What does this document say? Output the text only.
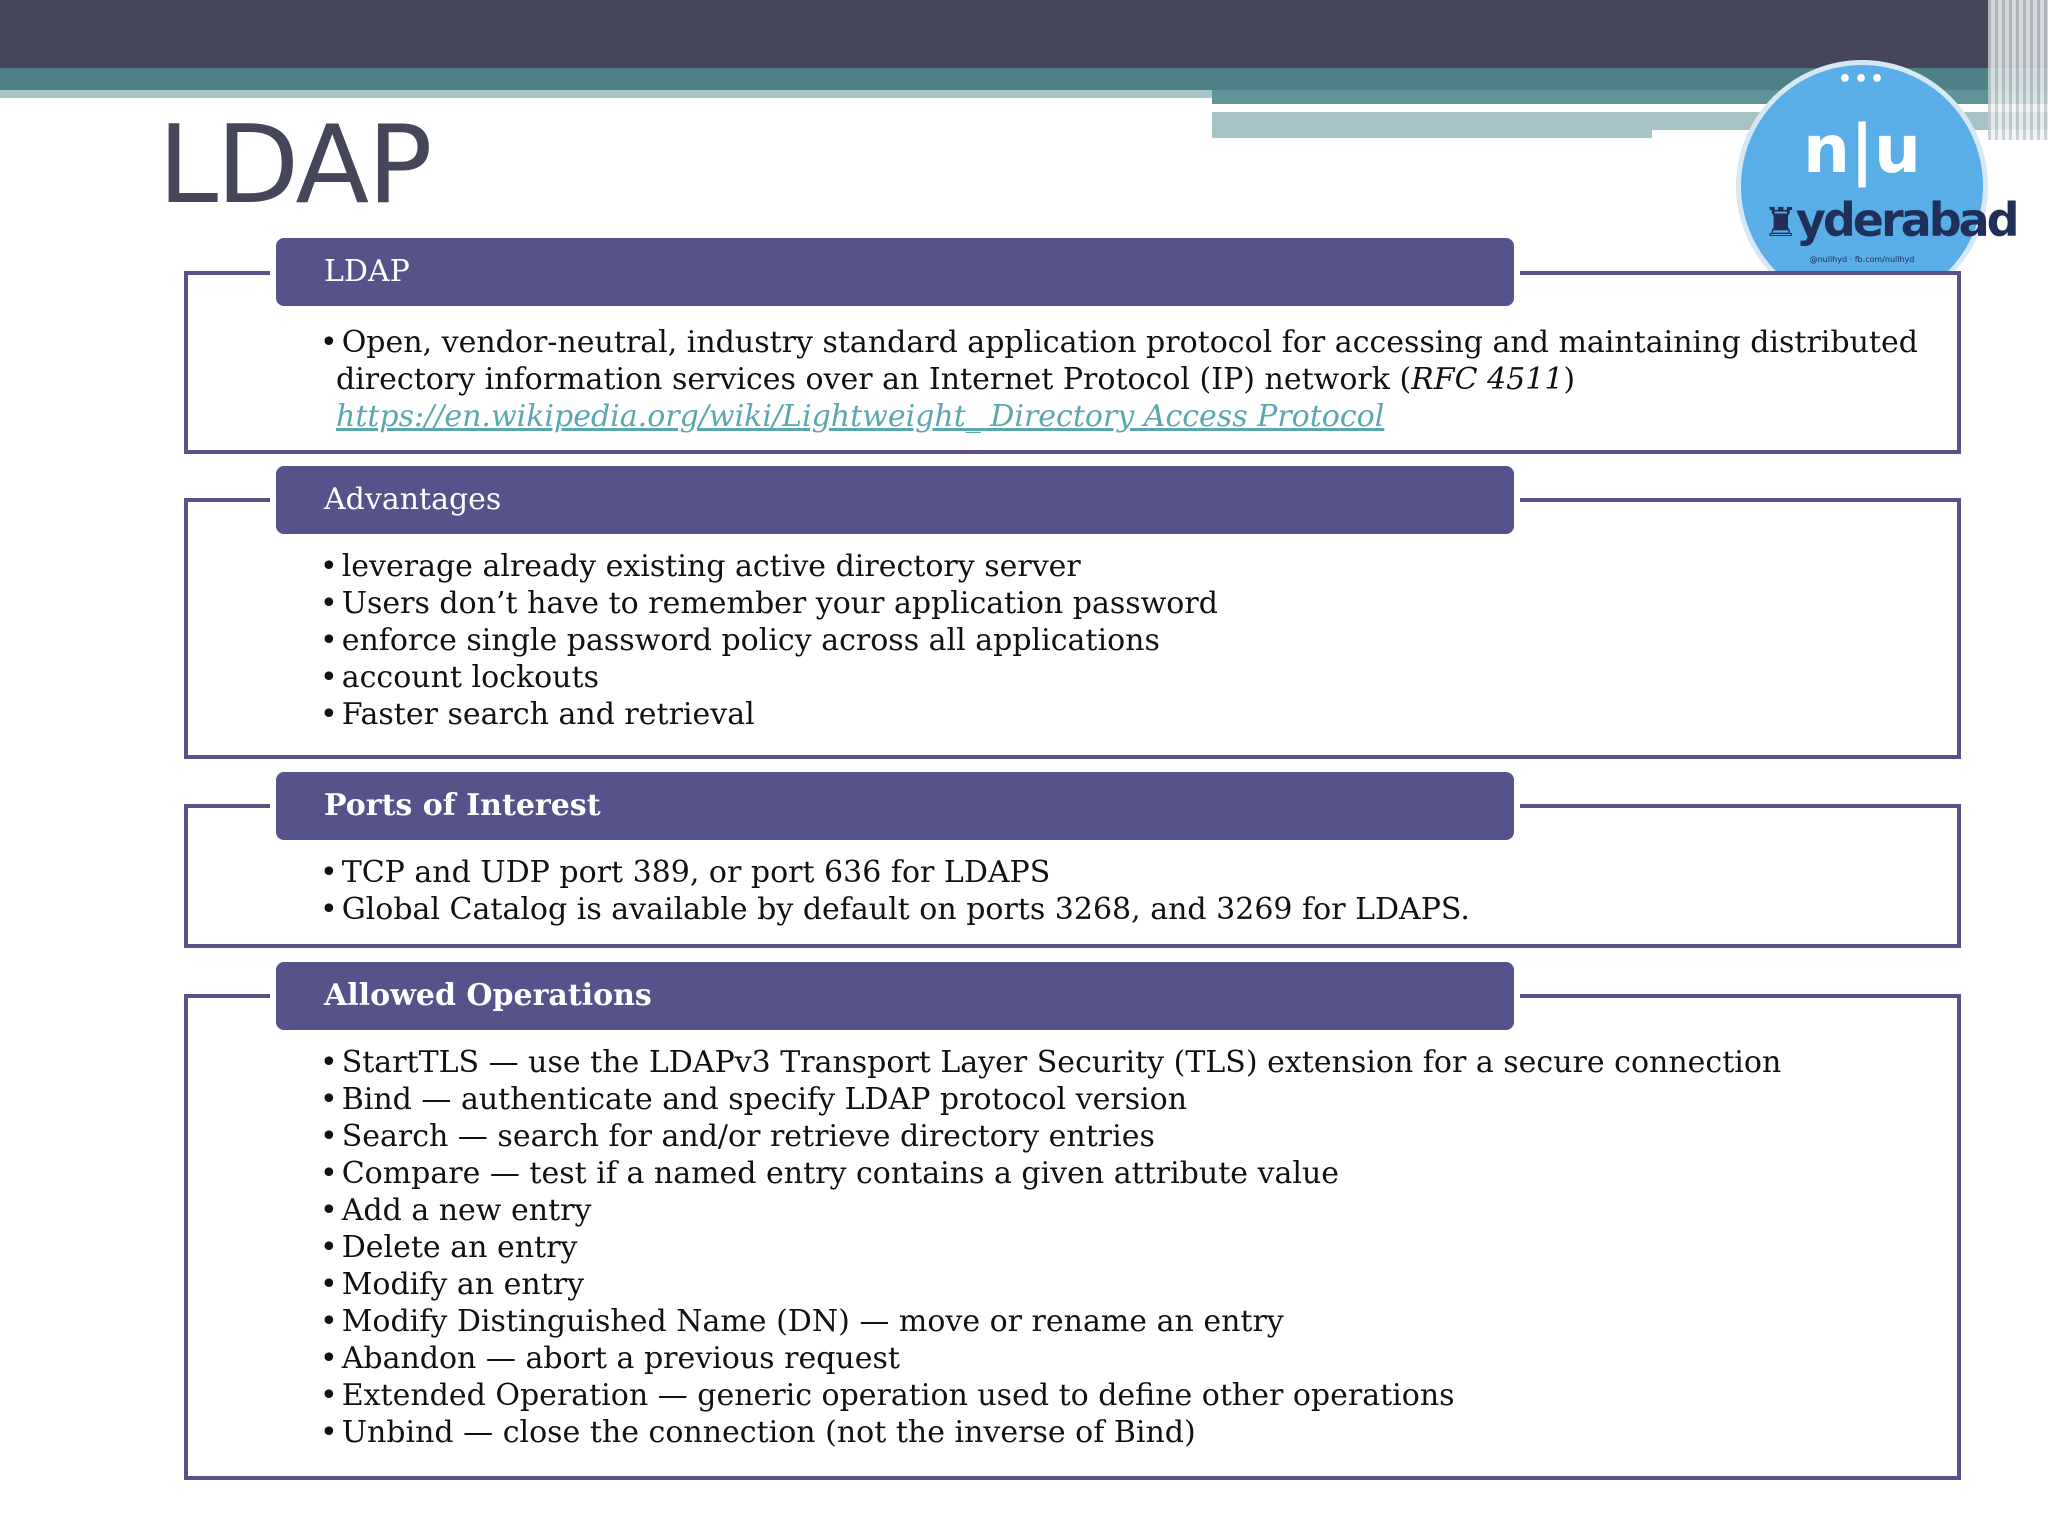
LDAP
•••
n|u
♜yderabad
@nullhyd · fb.com/nullhyd
LDAP
• Open, vendor-neutral, industry standard application protocol for accessing and maintaining distributed
directory information services over an Internet Protocol (IP) network (RFC 4511)
https://en.wikipedia.org/wiki/Lightweight_ Directory Access Protocol
Advantages
• leverage already existing active directory server
• Users don’t have to remember your application password
• enforce single password policy across all applications
• account lockouts
• Faster search and retrieval
Ports of Interest
• TCP and UDP port 389, or port 636 for LDAPS
• Global Catalog is available by default on ports 3268, and 3269 for LDAPS.
Allowed Operations
• StartTLS — use the LDAPv3 Transport Layer Security (TLS) extension for a secure connection
• Bind — authenticate and specify LDAP protocol version
• Search — search for and/or retrieve directory entries
• Compare — test if a named entry contains a given attribute value
• Add a new entry
• Delete an entry
• Modify an entry
• Modify Distinguished Name (DN) — move or rename an entry
• Abandon — abort a previous request
• Extended Operation — generic operation used to define other operations
• Unbind — close the connection (not the inverse of Bind)
